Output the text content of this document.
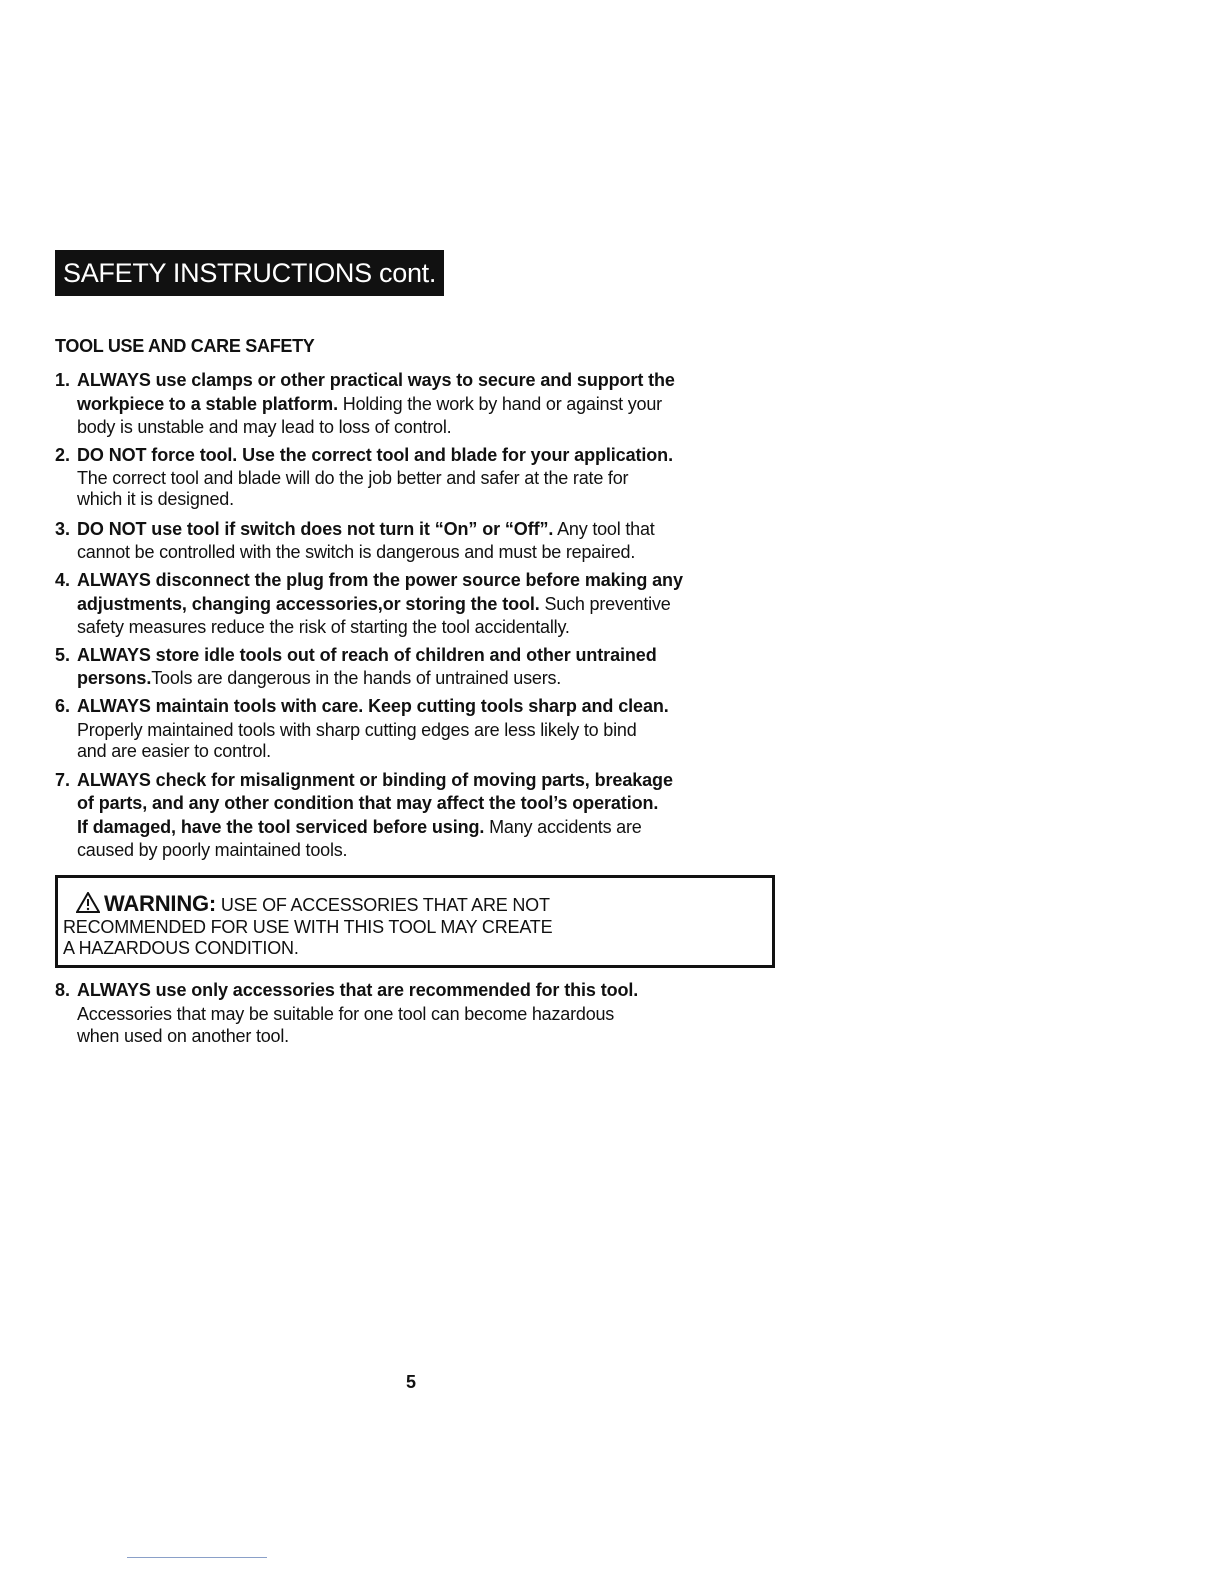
SAFETY INSTRUCTIONS cont.
TOOL USE AND CARE SAFETY
1. ALWAYS use clamps or other practical ways to secure and support the
workpiece to a stable platform. Holding the work by hand or against your
body is unstable and may lead to loss of control.
2. DO NOT force tool. Use the correct tool and blade for your application.
The correct tool and blade will do the job better and safer at the rate for
which it is designed.
3. DO NOT use tool if switch does not turn it “On” or “Off”. Any tool that
cannot be controlled with the switch is dangerous and must be repaired.
4. ALWAYS disconnect the plug from the power source before making any
adjustments, changing accessories,or storing the tool. Such preventive
safety measures reduce the risk of starting the tool accidentally.
5. ALWAYS store idle tools out of reach of children and other untrained
persons.Tools are dangerous in the hands of untrained users.
6. ALWAYS maintain tools with care. Keep cutting tools sharp and clean.
Properly maintained tools with sharp cutting edges are less likely to bind
and are easier to control.
7. ALWAYS check for misalignment or binding of moving parts, breakage
of parts, and any other condition that may affect the tool’s operation.
If damaged, have the tool serviced before using. Many accidents are
caused by poorly maintained tools.
8. ALWAYS use only accessories that are recommended for this tool.
Accessories that may be suitable for one tool can become hazardous
when used on another tool.
WARNING: USE OF ACCESSORIES THAT ARE NOT
RECOMMENDED FOR USE WITH THIS TOOL MAY CREATE
A HAZARDOUS CONDITION.
5
